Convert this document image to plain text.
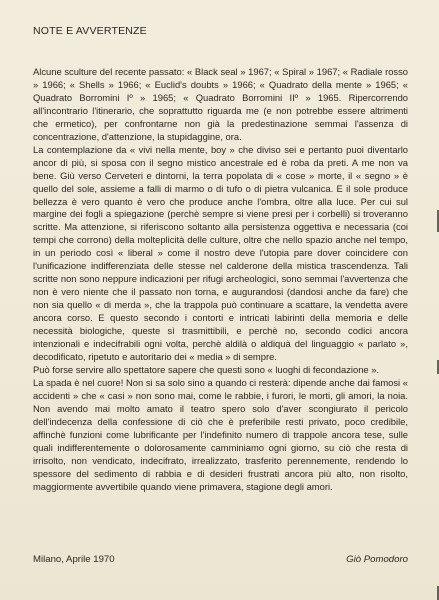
NOTE E AVVERTENZE

Alcune sculture del recente passato: « Black seal » 1967; « Spiral » 1967; « Radiale rosso » 1966; « Shells » 1966; « Euclid's doubts » 1966; « Quadrato della mente » 1965; « Quadrato Borromini Iº » 1965; « Quadrato Borromini IIº » 1965. Ripercorrendo all'incontrario l'itinerario, che soprattutto riguarda me (e non potrebbe essere altrimenti che ermetico), per confrontarne non già la predestinazione semmai l'assenza di concentrazione, d'attenzione, la stupidaggine, ora.

La contemplazione da « vivi nella mente, boy » che diviso sei e pertanto puoi diventarlo ancor di più, si sposa con il segno mistico ancestrale ed è roba da preti. A me non va bene. Giù verso Cerveteri e dintorni, la terra popolata di « cose » morte, il « segno » è quello del sole, assieme a falli di marmo o di tufo o di pietra vulcanica. E il sole produce bellezza è vero quanto è vero che produce anche l'ombra, oltre alla luce. Per cui sul margine dei fogli a spiegazione (perchè sempre si viene presi per i corbelli) si troveranno scritte. Ma attenzione, si riferiscono soltanto alla persistenza oggettiva e necessaria (coi tempi che corrono) della molteplicità delle culture, oltre che nello spazio anche nel tempo, in un periodo così « liberal » come il nostro deve l'utopia pare dover coincidere con l'unificazione indifferenziata delle stesse nel calderone della mistica trascendenza. Tali scritte non sono neppure indicazioni per rifugi archeologici, sono semmai l'avvertenza che non è vero niente che il passato non torna, e augurandosi (dandosi anche da fare) che non sia quello « di merda », che la trappola può continuare a scattare, la vendetta avere ancora corso. E questo secondo i contorti e intricati labirinti della memoria e delle necessità biologiche, queste sì trasmittibili, e perchè no, secondo codici ancora intenzionali e indecifrabili ogni volta, perchè aldilà o aldiquà del linguaggio « parlato », decodificato, ripetuto e autoritario dei « media » di sempre.

Può forse servire allo spettatore sapere che questi sono « luoghi di fecondazione ».

La spada è nel cuore! Non si sa solo sino a quando ci resterà: dipende anche dai famosi « accidenti » che « casi » non sono mai, come le rabbie, i furori, le morti, gli amori, la noia. Non avendo mai molto amato il teatro spero solo d'aver scongiurato il pericolo dell'indecenza della confessione di ciò che è preferibile resti privato, poco credibile, affinchè funzioni come lubrificante per l'indefinito numero di trappole ancora tese, sulle quali indifferentemente o dolorosamente camminiamo ogni giorno, su ciò che resta di irrisolto, non vendicato, indecifrato, irrealizzato, trasferito perennemente, rendendo lo spessore del sedimento di rabbia e di desideri frustrati ancora più alto, non risolto, maggiormente avvertibile quando viene primavera, stagione degli amori.

Milano, Aprile 1970	Giò Pomodoro
